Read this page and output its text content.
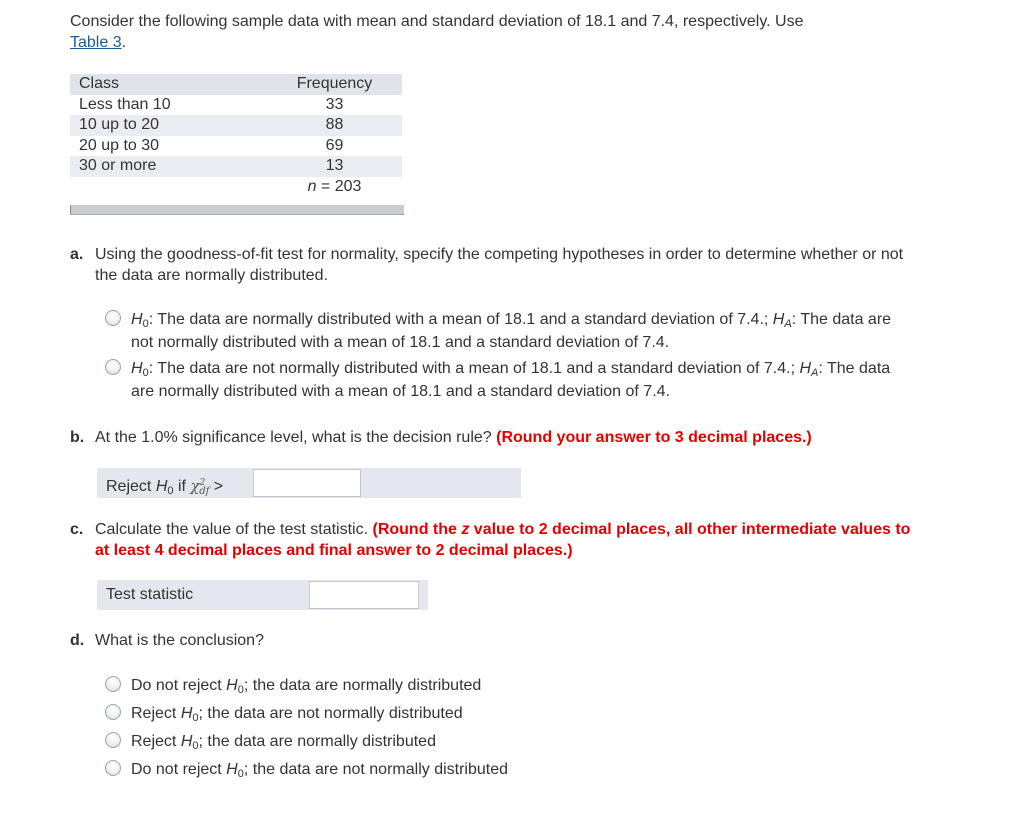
Consider the following sample data with mean and standard deviation of 18.1 and 7.4, respectively. Use
Table 3.
Class	Frequency
Less than 10	33
10 up to 20	88
20 up to 30	69
30 or more	13
	n = 203
a. Using the goodness-of-fit test for normality, specify the competing hypotheses in order to determine whether or not the data are normally distributed.
$H_0$: The data are normally distributed with a mean of 18.1 and a standard deviation of 7.4.; $H_A$: The data are not normally distributed with a mean of 18.1 and a standard deviation of 7.4.
$H_0$: The data are not normally distributed with a mean of 18.1 and a standard deviation of 7.4.; $H_A$: The data are normally distributed with a mean of 18.1 and a standard deviation of 7.4.
b. At the 1.0% significance level, what is the decision rule? (Round your answer to 3 decimal places.)
Reject $H_0$ if $\chi^2_{df}$ >
c. Calculate the value of the test statistic. (Round the z value to 2 decimal places, all other intermediate values to at least 4 decimal places and final answer to 2 decimal places.)
Test statistic
d. What is the conclusion?
Do not reject $H_0$; the data are normally distributed
Reject $H_0$; the data are not normally distributed
Reject $H_0$; the data are normally distributed
Do not reject $H_0$; the data are not normally distributed
